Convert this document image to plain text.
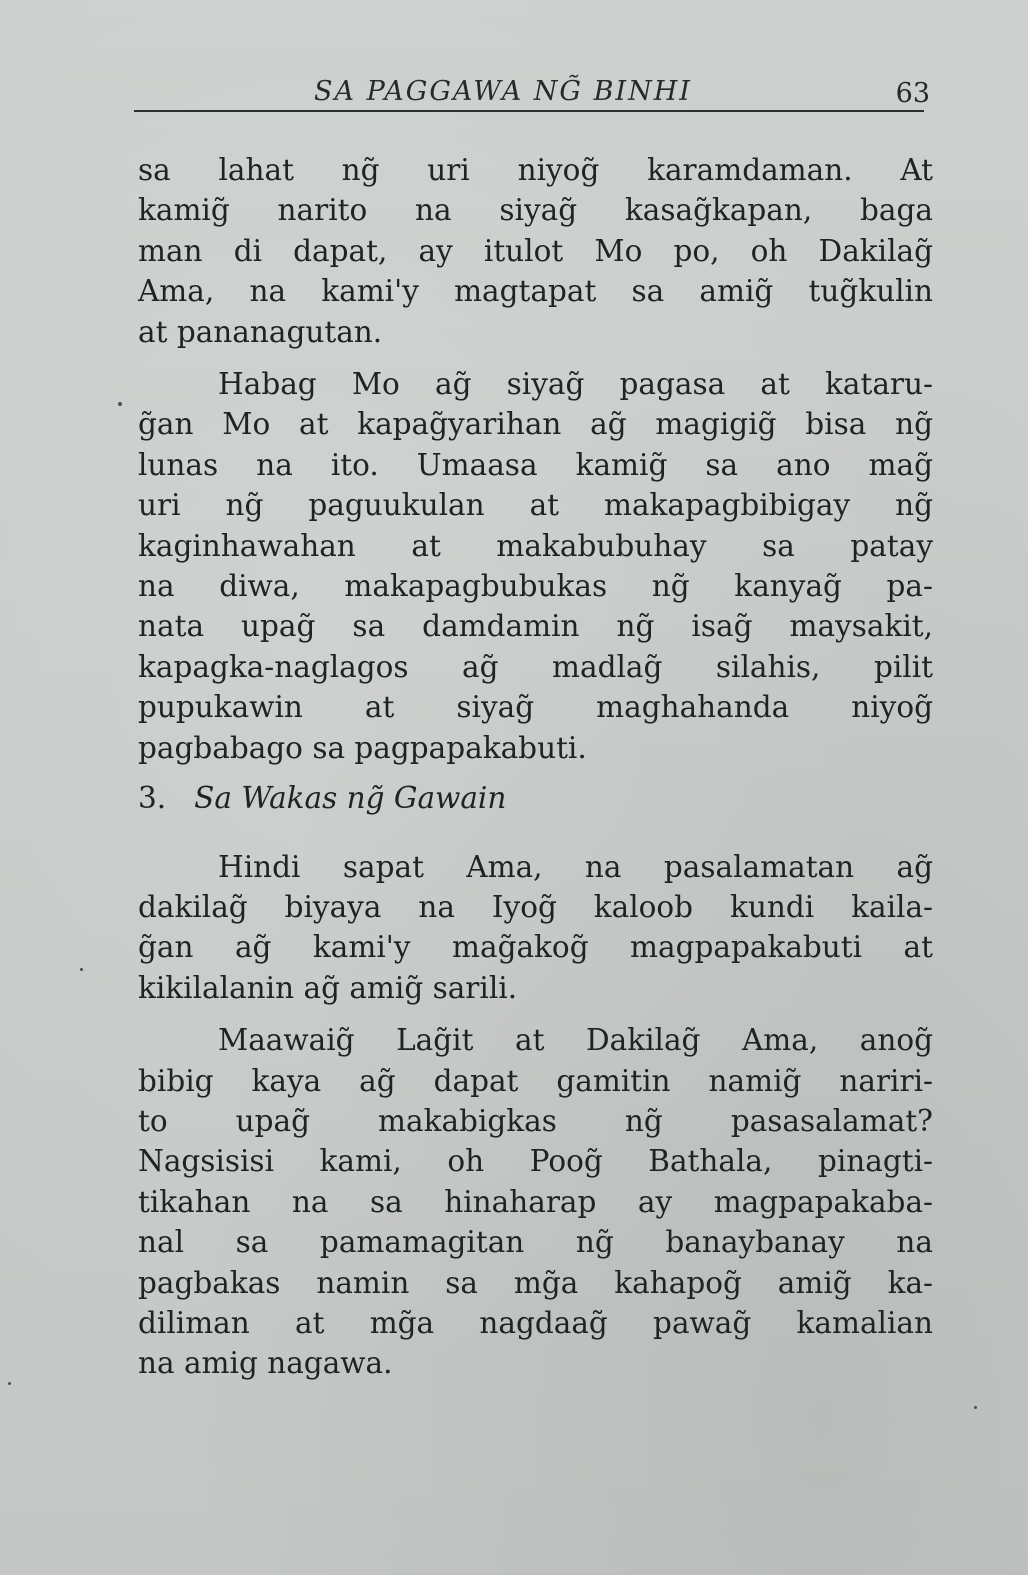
SA PAGGAWA NG̃ BINHI	63
sa lahat ng̃ uri niyog̃ karamdaman. At
kamig̃ narito na siyag̃ kasag̃kapan, baga
man di dapat, ay itulot Mo po, oh Dakilag̃
Ama, na kami'y magtapat sa amig̃ tug̃kulin
at pananagutan.
Habag Mo ag̃ siyag̃ pagasa at kataru-
g̃an Mo at kapag̃yarihan ag̃ magigig̃ bisa ng̃
lunas na ito. Umaasa kamig̃ sa ano mag̃
uri ng̃ paguukulan at makapagbibigay ng̃
kaginhawahan at makabubuhay sa patay
na diwa, makapagbubukas ng̃ kanyag̃ pa-
nata upag̃ sa damdamin ng̃ isag̃ maysakit,
kapagka-naglagos ag̃ madlag̃ silahis, pilit
pupukawin at siyag̃ maghahanda niyog̃
pagbabago sa pagpapakabuti.
3. Sa Wakas ng̃ Gawain
Hindi sapat Ama, na pasalamatan ag̃
dakilag̃ biyaya na Iyog̃ kaloob kundi kaila-
g̃an ag̃ kami'y mag̃akog̃ magpapakabuti at
kikilalanin ag̃ amig̃ sarili.
Maawaig̃ Lag̃it at Dakilag̃ Ama, anog̃
bibig kaya ag̃ dapat gamitin namig̃ nariri-
to upag̃ makabigkas ng̃ pasasalamat?
Nagsisisi kami, oh Poog̃ Bathala, pinagti-
tikahan na sa hinaharap ay magpapakaba-
nal sa pamamagitan ng̃ banaybanay na
pagbakas namin sa mg̃a kahapog̃ amig̃ ka-
diliman at mg̃a nagdaag̃ pawag̃ kamalian
na amig nagawa.
